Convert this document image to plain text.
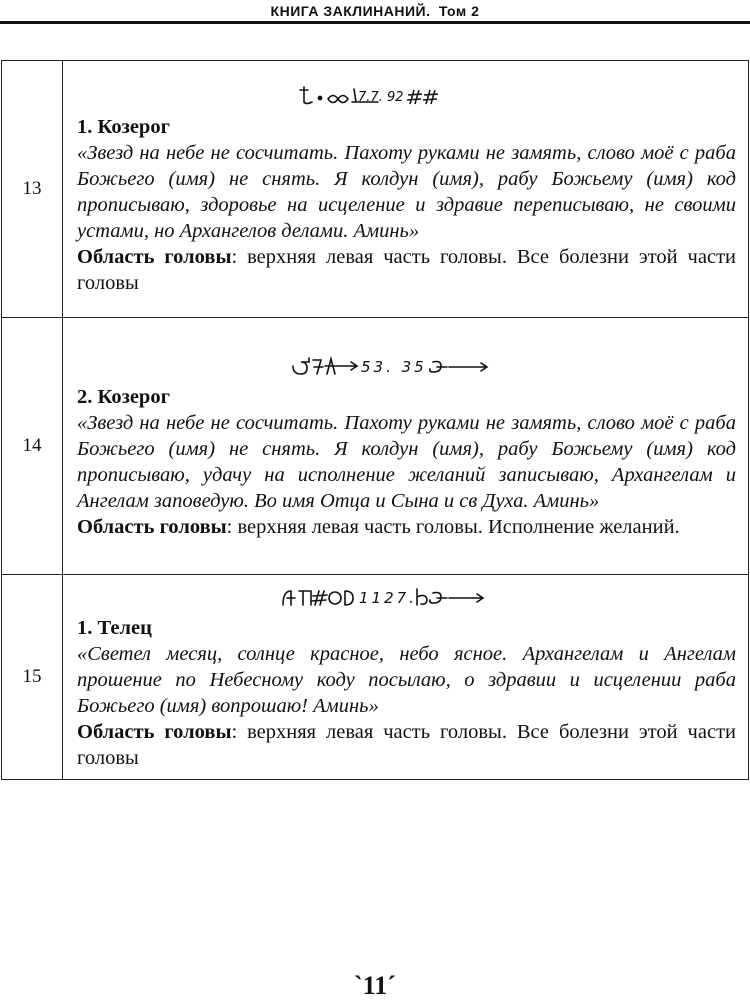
КНИГА ЗАКЛИНАНИЙ. Том 2
13	7.7. 92
1. Козерог
«Звезд на небе не сосчитать. Пахоту руками не замять, слово моё с раба Божьего (имя) не снять. Я колдун (имя), рабу Божьему (имя) код прописываю, здоровье на исцеление и здравие переписываю, не своими устами, но Архангелов делами. Аминь»
Область головы: верхняя левая часть головы. Все болезни этой части головы

14	53. 35
2. Козерог
«Звезд на небе не сосчитать. Пахоту руками не замять, слово моё с раба Божьего (имя) не снять. Я колдун (имя), рабу Божьему (имя) код прописываю, удачу на исполнение желаний записываю, Архангелам и Ангелам заповедую. Во имя Отца и Сына и св Духа. Аминь»
Область головы: верхняя левая часть головы. Исполнение желаний.

15	1127.
1. Телец
«Светел месяц, солнце красное, небо ясное. Архангелам и Ангелам прошение по Небесному коду посылаю, о здравии и исцелении раба Божьего (имя) вопрошаю! Аминь»
Область головы: верхняя левая часть головы. Все болезни этой части головы
`11´
